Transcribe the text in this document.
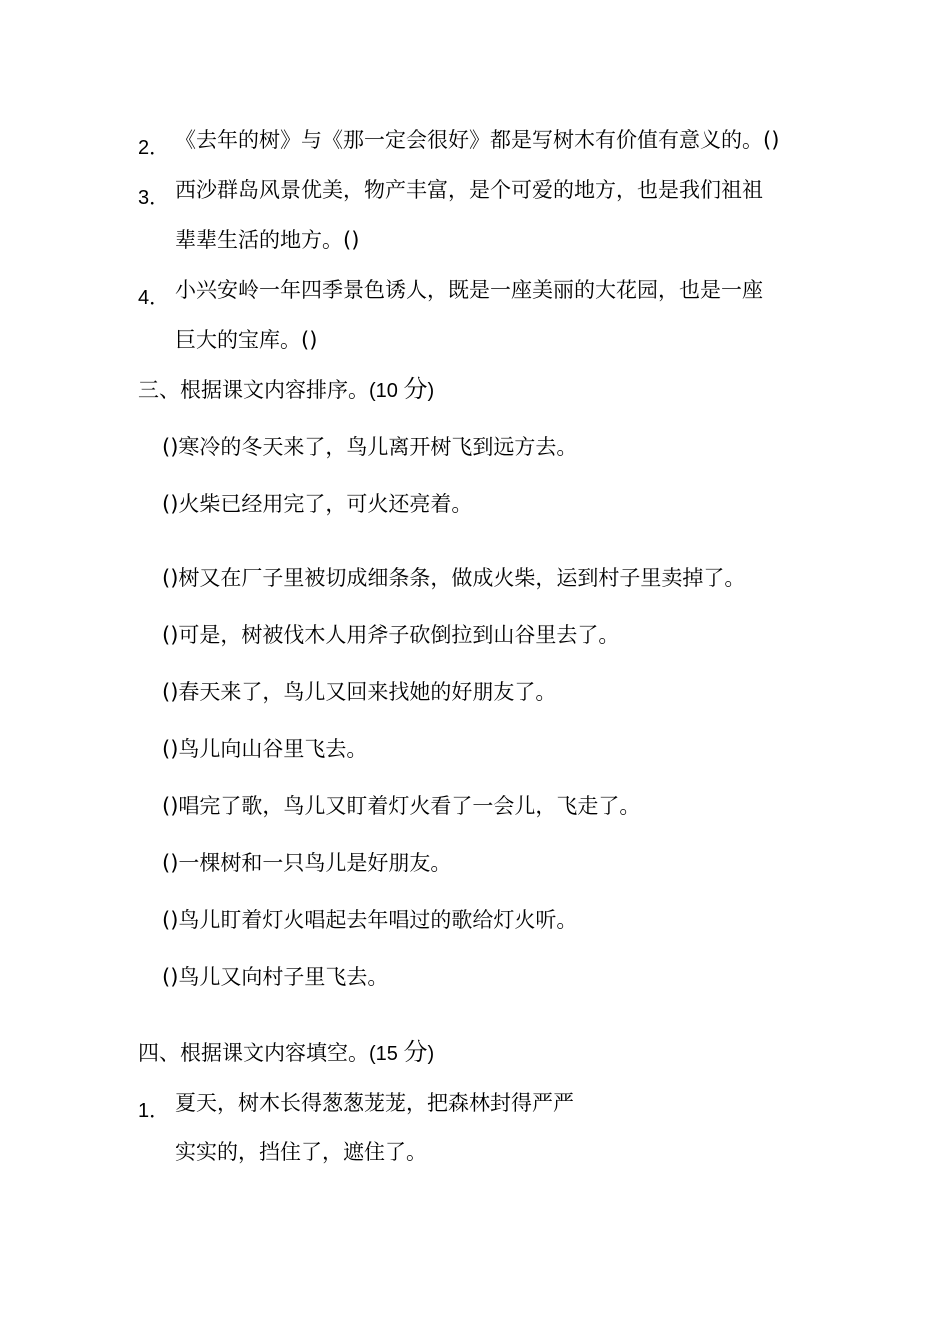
2． 《去年的树》与《那一定会很好》都是写树木有价值有意义的。()
3． 西沙群岛风景优美，物产丰富，是个可爱的地方，也是我们祖祖
辈辈生活的地方。()
4． 小兴安岭一年四季景色诱人，既是一座美丽的大花园，也是一座
巨大的宝库。()
三、根据课文内容排序。(10 分)
()寒冷的冬天来了，鸟儿离开树飞到远方去。
()火柴已经用完了，可火还亮着。
()树又在厂子里被切成细条条，做成火柴，运到村子里卖掉了。
()可是，树被伐木人用斧子砍倒拉到山谷里去了。
()春天来了，鸟儿又回来找她的好朋友了。
()鸟儿向山谷里飞去。
()唱完了歌，鸟儿又盯着灯火看了一会儿，飞走了。
()一棵树和一只鸟儿是好朋友。
()鸟儿盯着灯火唱起去年唱过的歌给灯火听。
()鸟儿又向村子里飞去。
四、根据课文内容填空。(15 分)
1． 夏天，树木长得葱葱茏茏，把森林封得严严
实实的，挡住了，遮住了。
